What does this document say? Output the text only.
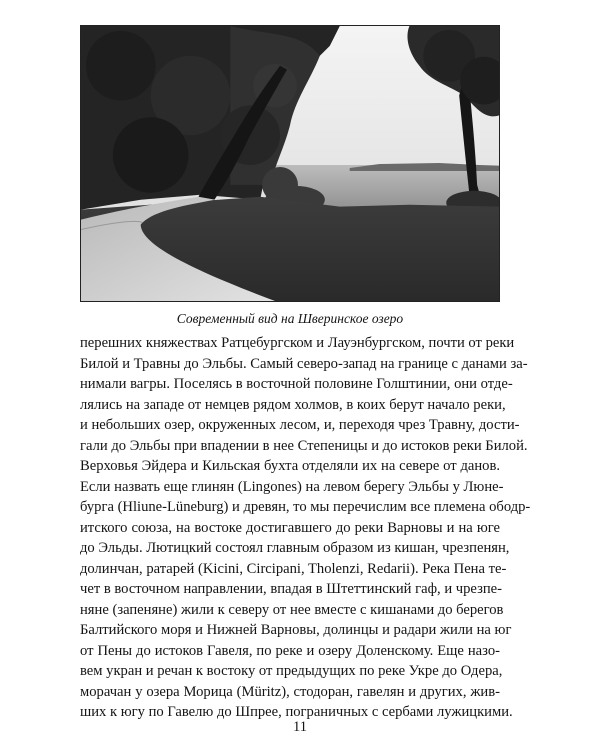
Современный вид на Шверинское озеро
перешних княжествах Ратцебургском и Лауэнбургском, почти от реки
Билой и Травны до Эльбы. Самый северо-запад на границе с данами за-
нимали вагры. Поселясь в восточной половине Голштинии, они отде-
лялись на западе от немцев рядом холмов, в коих берут начало реки,
и небольших озер, окруженных лесом, и, переходя чрез Травну, дости-
гали до Эльбы при впадении в нее Степеницы и до истоков реки Билой.
Верховья Эйдера и Кильская бухта отделяли их на севере от данов.
Если назвать еще глинян (Lingones) на левом берегу Эльбы у Люне-
бурга (Hliune-Lüneburg) и древян, то мы перечислим все племена ободр-
итского союза, на востоке достигавшего до реки Варновы и на юге
до Эльды. Лютицкий состоял главным образом из кишан, чрезпенян,
долинчан, ратарей (Kicini, Circipani, Tholenzi, Redarii). Река Пена те-
чет в восточном направлении, впадая в Штеттинский гаф, и чрезпе-
няне (запеняне) жили к северу от нее вместе с кишанами до берегов
Балтийского моря и Нижней Варновы, долинцы и радари жили на юг
от Пены до истоков Гавеля, по реке и озеру Доленскому. Еще назо-
вем укран и речан к востоку от предыдущих по реке Укре до Одера,
морачан у озера Морица (Müritz), стодоран, гавелян и других, жив-
ших к югу по Гавелю до Шпрее, пограничных с сербами лужицкими.
11
